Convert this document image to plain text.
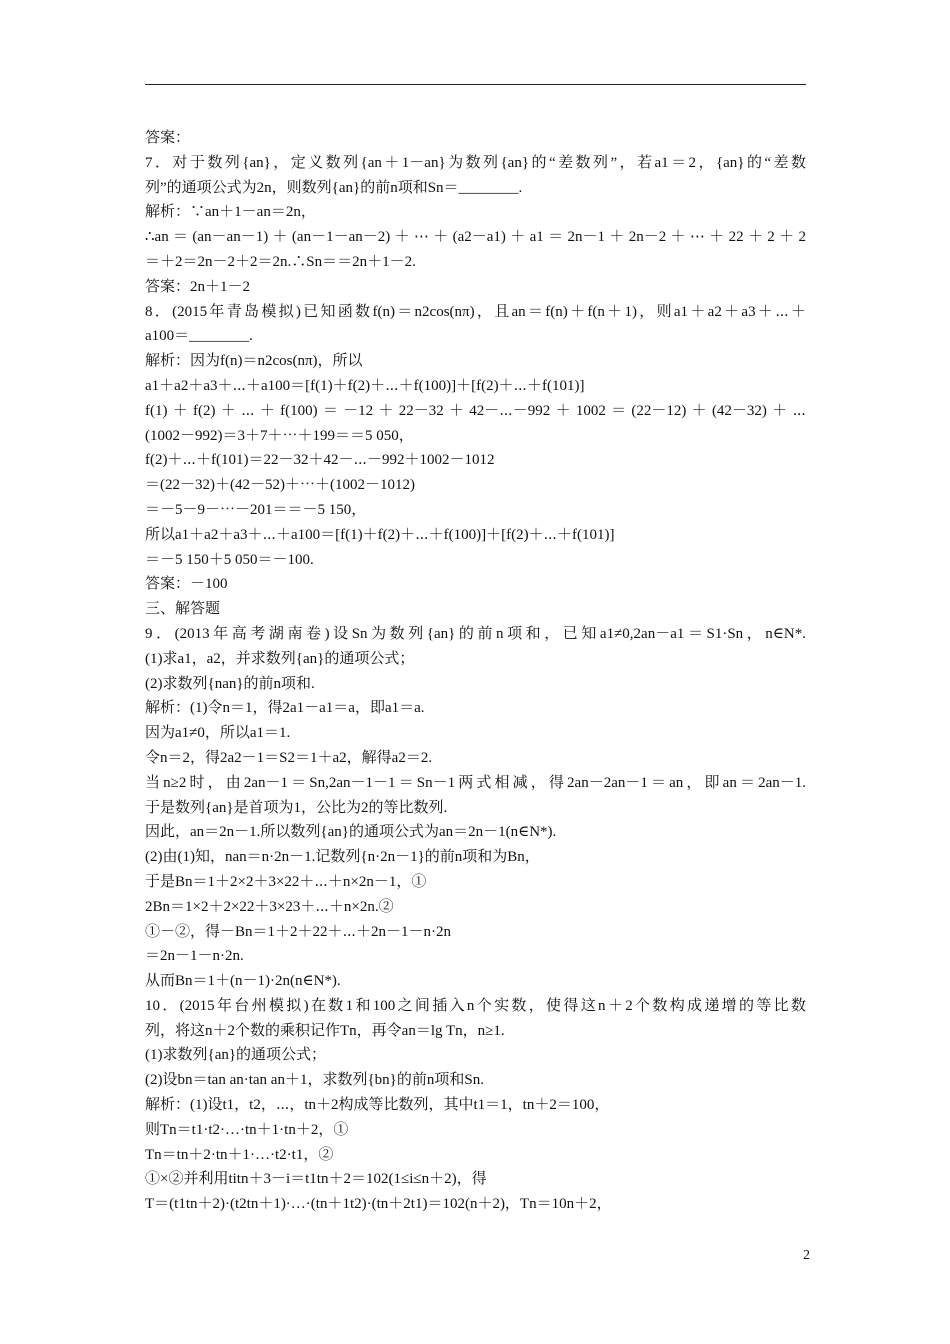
答案：
7．对于数列{an}，定义数列{an＋1－an}为数列{an}的“差数列”，若a1＝2，{an}的“差数
列”的通项公式为2n，则数列{an}的前n项和Sn＝________.
解析：∵an＋1－an＝2n，
∴an＝(an－an－1)＋(an－1－an－2)＋⋯＋(a2－a1)＋a1＝2n－1＋2n－2＋⋯＋22＋2＋2
＝＋2＝2n－2＋2＝2n.∴Sn＝＝2n＋1－2.
答案：2n＋1－2
8．(2015年青岛模拟)已知函数f(n)＝n2cos(nπ)，且an＝f(n)＋f(n＋1)，则a1＋a2＋a3＋⋯＋
a100＝________.
解析：因为f(n)＝n2cos(nπ)，所以
a1＋a2＋a3＋⋯＋a100＝[f(1)＋f(2)＋⋯＋f(100)]＋[f(2)＋⋯＋f(101)]
f(1)＋f(2)＋⋯＋f(100)＝－12＋22－32＋42－⋯－992＋1002＝(22－12)＋(42－32)＋⋯
(1002－992)＝3＋7＋⋯＋199＝＝5 050，
f(2)＋⋯＋f(101)＝22－32＋42－⋯－992＋1002－1012
＝(22－32)＋(42－52)＋⋯＋(1002－1012)
＝－5－9－⋯－201＝＝－5 150，
所以a1＋a2＋a3＋⋯＋a100＝[f(1)＋f(2)＋⋯＋f(100)]＋[f(2)＋⋯＋f(101)]
＝－5 150＋5 050＝－100.
答案：－100
三、解答题
9．(2013年高考湖南卷)设Sn为数列{an}的前n项和，已知a1≠0,2an－a1＝S1·Sn，n∈N*.
(1)求a1，a2，并求数列{an}的通项公式；
(2)求数列{nan}的前n项和.
解析：(1)令n＝1，得2a1－a1＝a，即a1＝a.
因为a1≠0，所以a1＝1.
令n＝2，得2a2－1＝S2＝1＋a2，解得a2＝2.
当n≥2时，由2an－1＝Sn,2an－1－1＝Sn－1两式相减，得2an－2an－1＝an，即an＝2an－1.
于是数列{an}是首项为1，公比为2的等比数列.
因此，an＝2n－1.所以数列{an}的通项公式为an＝2n－1(n∈N*).
(2)由(1)知，nan＝n·2n－1.记数列{n·2n－1}的前n项和为Bn，
于是Bn＝1＋2×2＋3×22＋⋯＋n×2n－1，①
2Bn＝1×2＋2×22＋3×23＋⋯＋n×2n.②
①－②，得－Bn＝1＋2＋22＋⋯＋2n－1－n·2n
＝2n－1－n·2n.
从而Bn＝1＋(n－1)·2n(n∈N*).
10．(2015年台州模拟)在数1和100之间插入n个实数，使得这n＋2个数构成递增的等比数
列，将这n＋2个数的乘积记作Tn，再令an＝lg Tn，n≥1.
(1)求数列{an}的通项公式；
(2)设bn＝tan an·tan an＋1，求数列{bn}的前n项和Sn.
解析：(1)设t1，t2，⋯，tn＋2构成等比数列，其中t1＝1，tn＋2＝100，
则Tn＝t1·t2·…·tn＋1·tn＋2，①
Tn＝tn＋2·tn＋1·…·t2·t1，②
①×②并利用titn＋3－i＝t1tn＋2＝102(1≤i≤n＋2)，得
T＝(t1tn＋2)·(t2tn＋1)·…·(tn＋1t2)·(tn＋2t1)＝102(n＋2)，Tn＝10n＋2，
2
